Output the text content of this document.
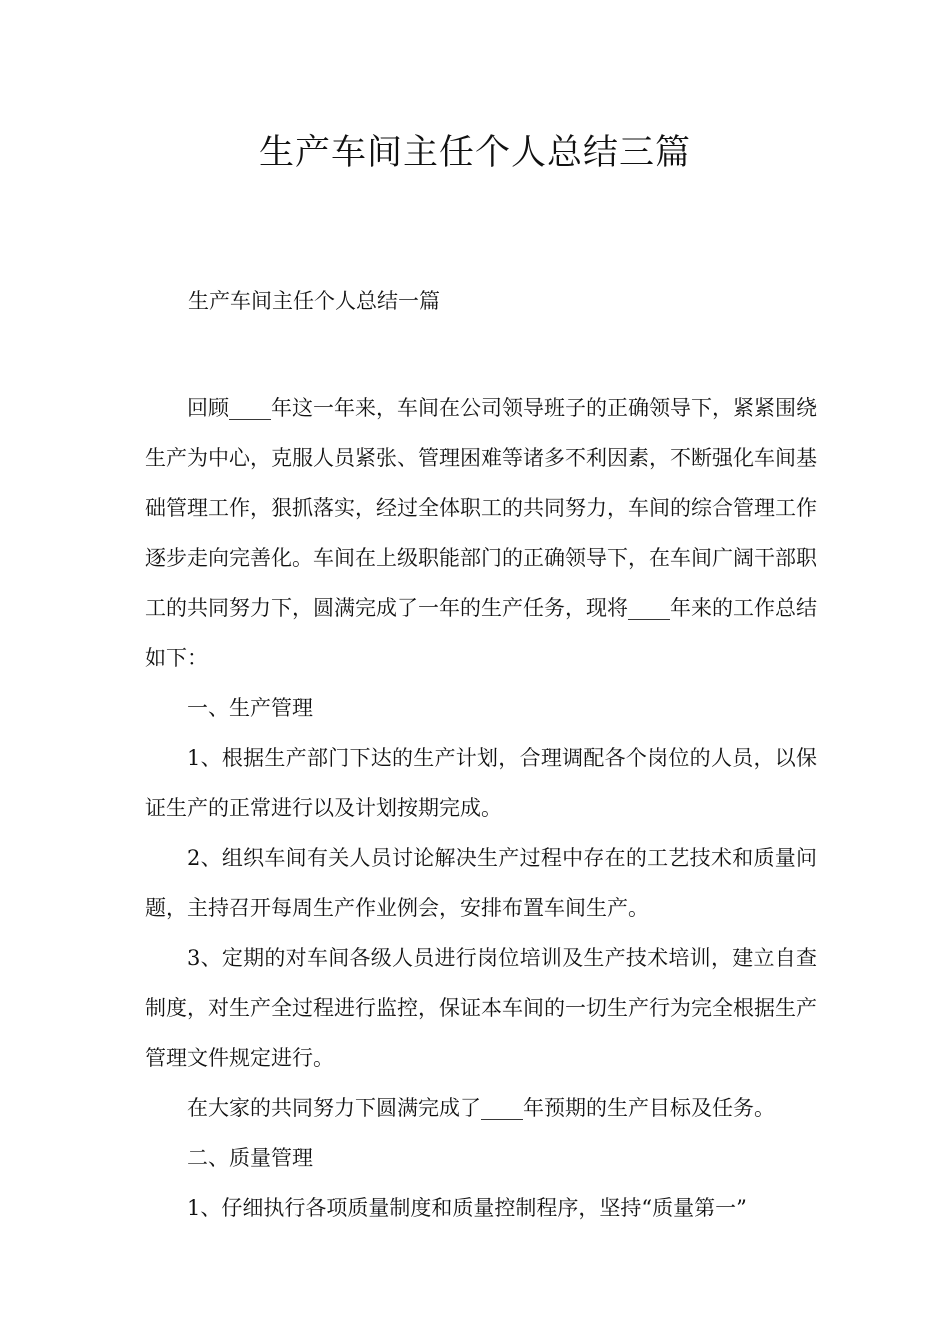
生产车间主任个人总结三篇

生产车间主任个人总结一篇

回顾____年这一年来，车间在公司领导班子的正确领导下，紧紧围绕生产为中心，克服人员紧张、管理困难等诸多不利因素，不断强化车间基础管理工作，狠抓落实，经过全体职工的共同努力，车间的综合管理工作逐步走向完善化。车间在上级职能部门的正确领导下，在车间广阔干部职工的共同努力下，圆满完成了一年的生产任务，现将____年来的工作总结如下：

一、生产管理

1、根据生产部门下达的生产计划，合理调配各个岗位的人员，以保证生产的正常进行以及计划按期完成。

2、组织车间有关人员讨论解决生产过程中存在的工艺技术和质量问题，主持召开每周生产作业例会，安排布置车间生产。

3、定期的对车间各级人员进行岗位培训及生产技术培训，建立自查制度，对生产全过程进行监控，保证本车间的一切生产行为完全根据生产管理文件规定进行。

在大家的共同努力下圆满完成了____年预期的生产目标及任务。

二、质量管理

1、仔细执行各项质量制度和质量控制程序，坚持“质量第一”
